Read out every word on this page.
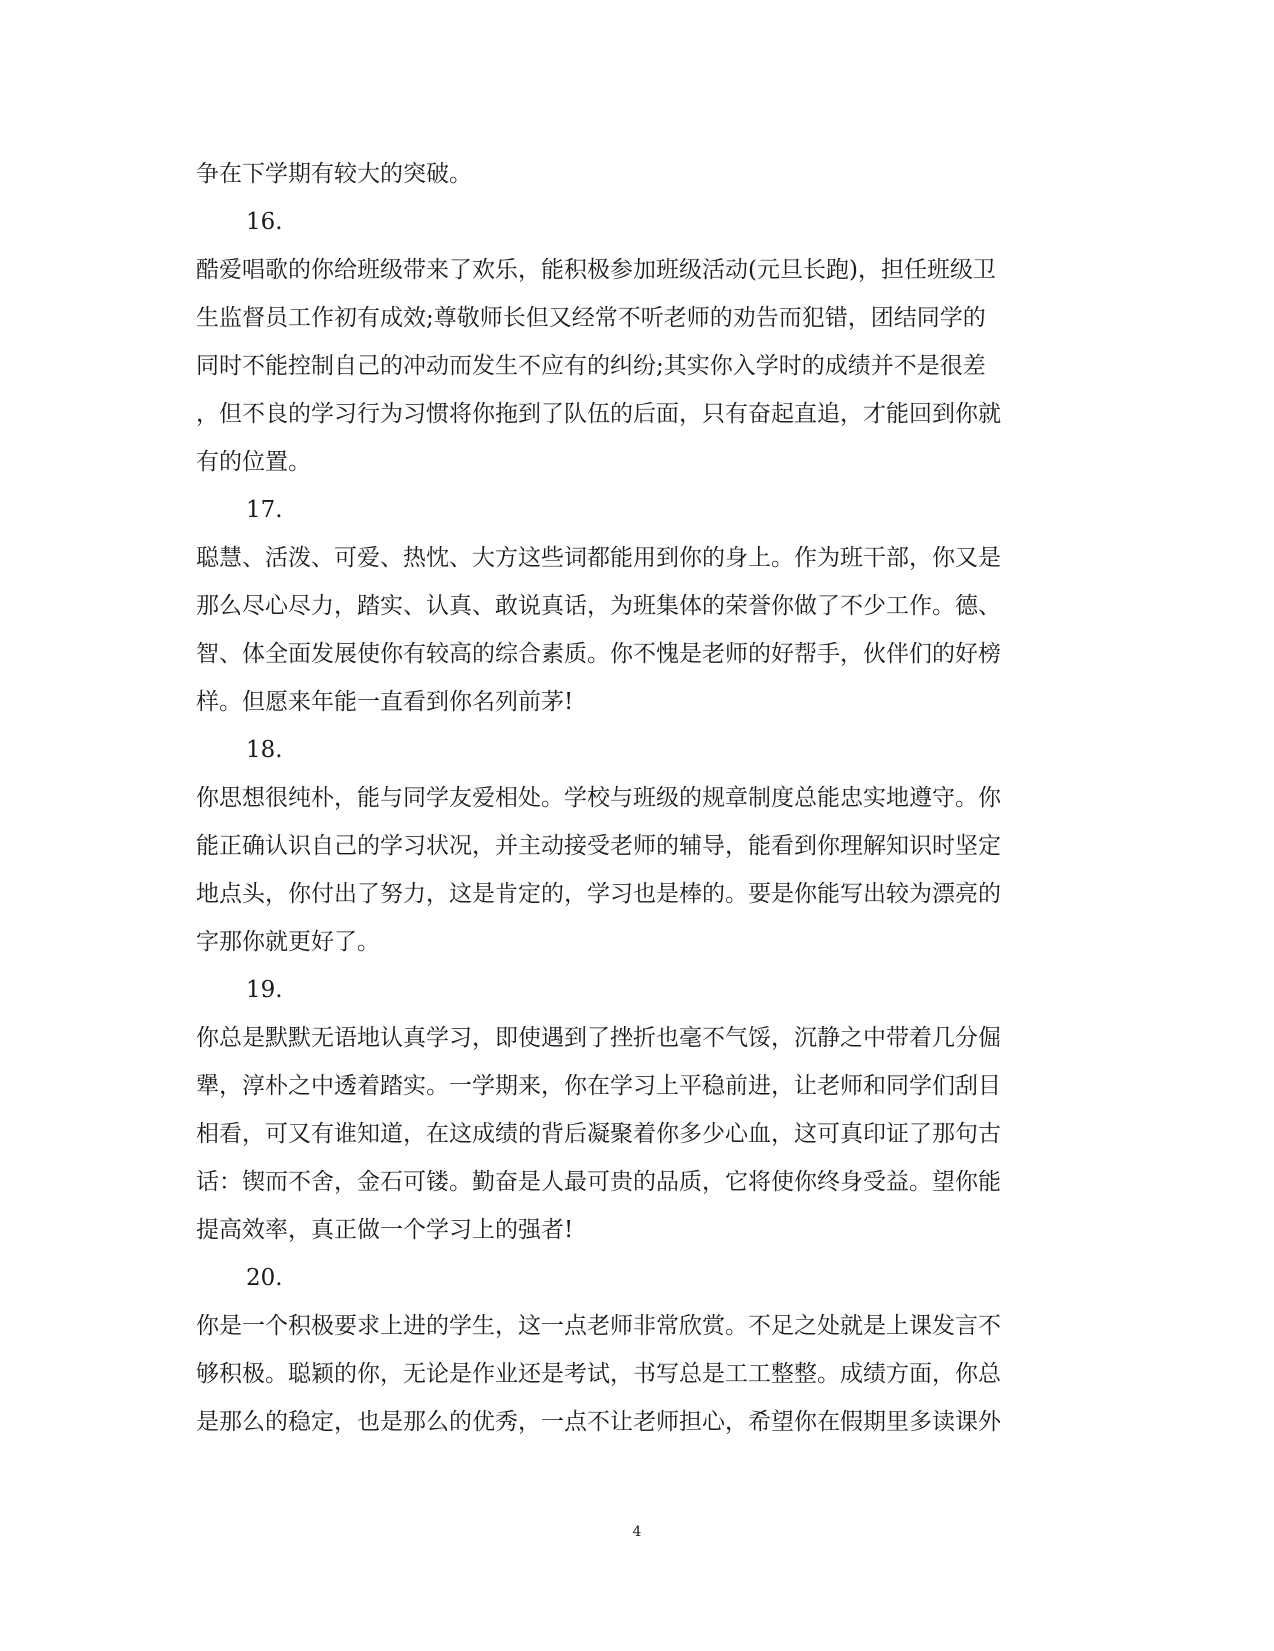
争在下学期有较大的突破。
16.
酷爱唱歌的你给班级带来了欢乐，能积极参加班级活动(元旦长跑)，担任班级卫
生监督员工作初有成效;尊敬师长但又经常不听老师的劝告而犯错，团结同学的
同时不能控制自己的冲动而发生不应有的纠纷;其实你入学时的成绩并不是很差
，但不良的学习行为习惯将你拖到了队伍的后面，只有奋起直追，才能回到你就
有的位置。
17.
聪慧、活泼、可爱、热忱、大方这些词都能用到你的身上。作为班干部，你又是
那么尽心尽力，踏实、认真、敢说真话，为班集体的荣誉你做了不少工作。德、
智、体全面发展使你有较高的综合素质。你不愧是老师的好帮手，伙伴们的好榜
样。但愿来年能一直看到你名列前茅!
18.
你思想很纯朴，能与同学友爱相处。学校与班级的规章制度总能忠实地遵守。你
能正确认识自己的学习状况，并主动接受老师的辅导，能看到你理解知识时坚定
地点头，你付出了努力，这是肯定的，学习也是棒的。要是你能写出较为漂亮的
字那你就更好了。
19.
你总是默默无语地认真学习，即使遇到了挫折也毫不气馁，沉静之中带着几分倔
犟，淳朴之中透着踏实。一学期来，你在学习上平稳前进，让老师和同学们刮目
相看，可又有谁知道，在这成绩的背后凝聚着你多少心血，这可真印证了那句古
话：锲而不舍，金石可镂。勤奋是人最可贵的品质，它将使你终身受益。望你能
提高效率，真正做一个学习上的强者!
20.
你是一个积极要求上进的学生，这一点老师非常欣赏。不足之处就是上课发言不
够积极。聪颖的你，无论是作业还是考试，书写总是工工整整。成绩方面，你总
是那么的稳定，也是那么的优秀，一点不让老师担心，希望你在假期里多读课外
4
